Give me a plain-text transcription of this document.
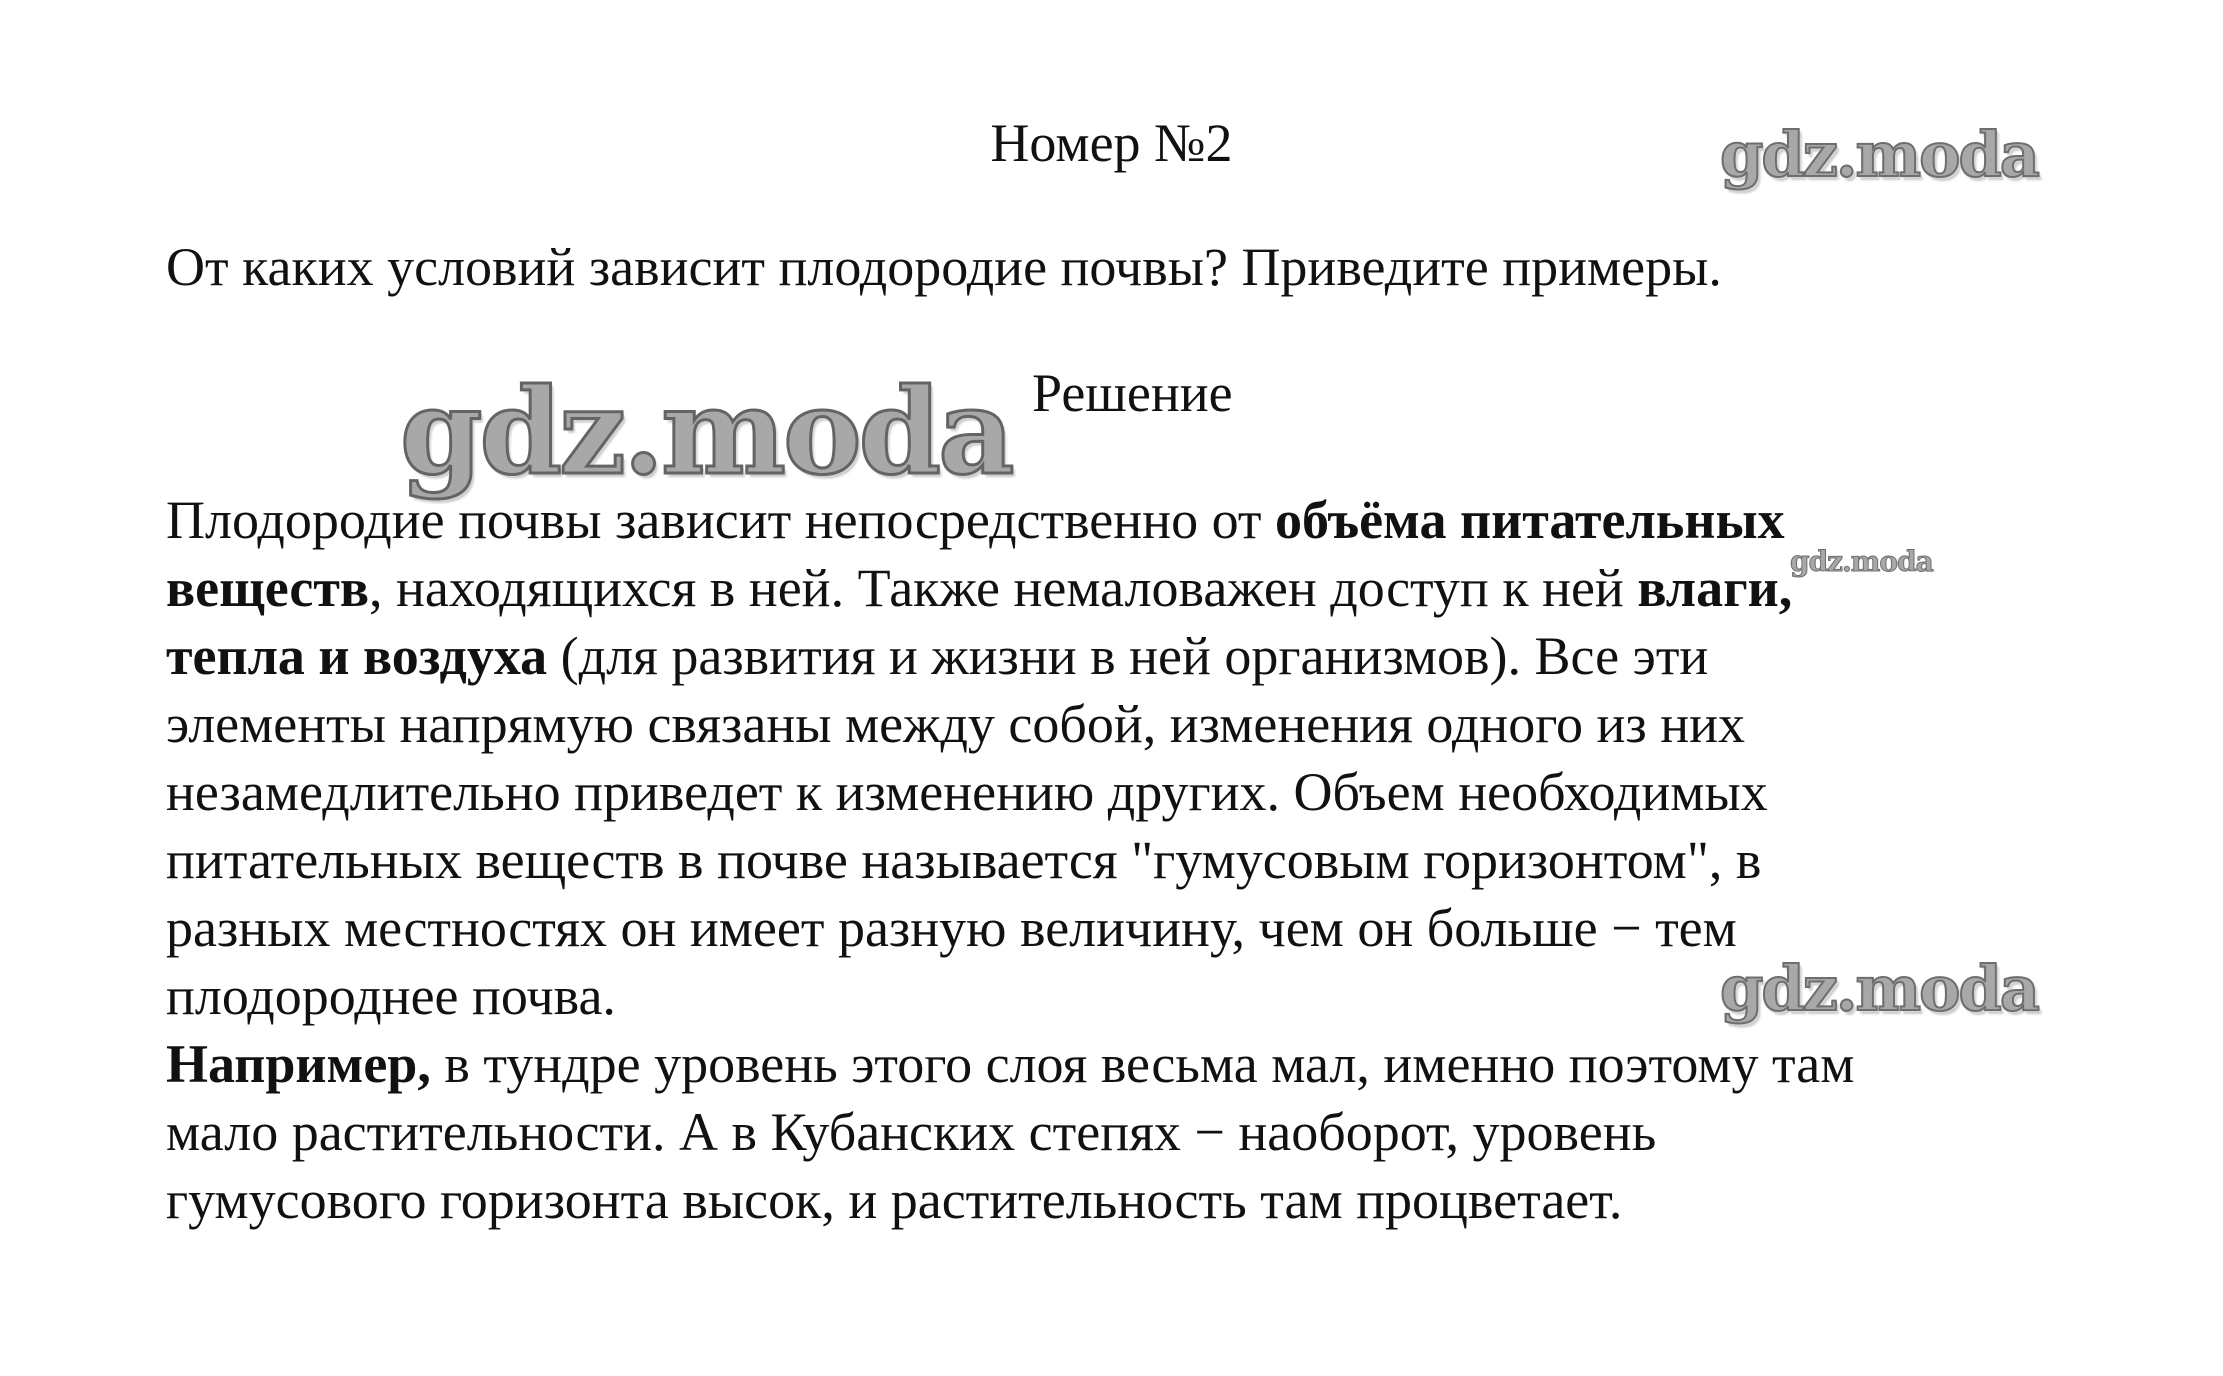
Номер №2	gdz.moda

От каких условий зависит плодородие почвы? Приведите примеры.

gdz.moda Решение
Плодородие почвы зависит непосредственно от объёма питательных
веществ, находящихся в ней. Также немаловажен доступ к ней влаги,
тепла и воздуха (для развития и жизни в ней организмов). Все эти
элементы напрямую связаны между собой, изменения одного из них
незамедлительно приведет к изменению других. Объем необходимых
питательных веществ в почве называется "гумусовым горизонтом", в
разных местностях он имеет разную величину, чем он больше − тем
плодороднее почва.
Например, в тундре уровень этого слоя весьма мал, именно поэтому там
мало растительности. А в Кубанских степях − наоборот, уровень
гумусового горизонта высок, и растительность там процветает.
gdz.moda
gdz.moda
